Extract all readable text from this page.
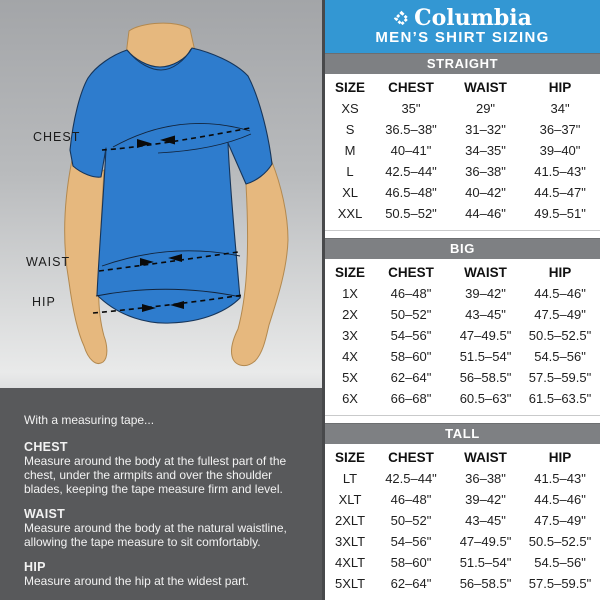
CHEST
WAIST
HIP

With a measuring tape...

CHEST

Measure around the body at the fullest part of the chest, under the armpits and over the shoulder blades, keeping the tape measure firm and level.

WAIST

Measure around the body at the natural waistline, allowing the tape measure to sit comfortably.

HIP

Measure around the hip at the widest part.

Columbia
MEN’S SHIRT SIZING
STRAIGHT
SIZE	CHEST	WAIST	HIP
XS	35"	29"	34"
S	36.5–38"	31–32"	36–37"
M	40–41"	34–35"	39–40"
L	42.5–44"	36–38"	41.5–43"
XL	46.5–48"	40–42"	44.5–47"
XXL	50.5–52"	44–46"	49.5–51"
BIG
SIZE	CHEST	WAIST	HIP
1X	46–48"	39–42"	44.5–46"
2X	50–52"	43–45"	47.5–49"
3X	54–56"	47–49.5"	50.5–52.5"
4X	58–60"	51.5–54"	54.5–56"
5X	62–64"	56–58.5"	57.5–59.5"
6X	66–68"	60.5–63"	61.5–63.5"
TALL
SIZE	CHEST	WAIST	HIP
LT	42.5–44"	36–38"	41.5–43"
XLT	46–48"	39–42"	44.5–46"
2XLT	50–52"	43–45"	47.5–49"
3XLT	54–56"	47–49.5"	50.5–52.5"
4XLT	58–60"	51.5–54"	54.5–56"
5XLT	62–64"	56–58.5"	57.5–59.5"
